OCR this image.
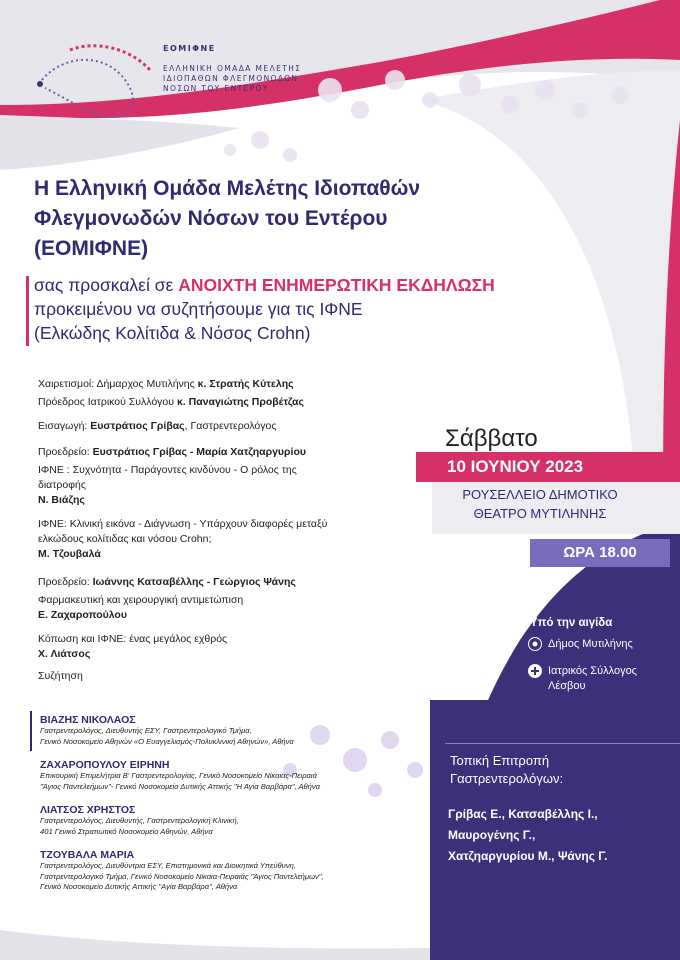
ΕΟΜΙΦΝΕ
ΕΛΛΗΝΙΚΗ ΟΜΑΔΑ ΜΕΛΕΤΗΣ
ΙΔΙΟΠΑΘΩΝ ΦΛΕΓΜΟΝΩΔΩΝ
ΝΟΣΩΝ ΤΟΥ ΕΝΤΕΡΟΥ
Η Ελληνική Ομάδα Μελέτης Ιδιοπαθών
Φλεγμονωδών Νόσων του Εντέρου
(ΕΟΜΙΦΝΕ)
σας προσκαλεί σε ΑΝΟΙΧΤΗ ΕΝΗΜΕΡΩΤΙΚΗ ΕΚΔΗΛΩΣΗ
προκειμένου να συζητήσουμε για τις ΙΦΝΕ
(Ελκώδης Κολίτιδα & Νόσος Crohn)
Χαιρετισμοί: Δήμαρχος Μυτιλήνης κ. Στρατής Κύτελης
Πρόεδρος Ιατρικού Συλλόγου κ. Παναγιώτης Προβέτζας
Εισαγωγή: Ευστράτιος Γρίβας, Γαστρεντερολόγος
Προεδρείο: Ευστράτιος Γρίβας - Μαρία Χατζηαργυρίου
ΙΦΝΕ : Συχνότητα - Παράγοντες κινδύνου - Ο ρόλος της
διατροφής
Ν. Βιάζης
ΙΦΝΕ: Κλινική εικόνα - Διάγνωση - Υπάρχουν διαφορές μεταξύ
ελκώδους κολίτιδας και νόσου Crohn;
Μ. Τζουβαλά
Προεδρείο: Ιωάννης Κατσαβέλλης - Γεώργιος Ψάνης
Φαρμακευτική και χειρουργική αντιμετώπιση
Ε. Ζαχαροπούλου
Κόπωση και ΙΦΝΕ: ένας μεγάλος εχθρός
Χ. Λιάτσος
Συζήτηση
Σάββατο
10 ΙΟΥΝΙΟΥ 2023
ΡΟΥΣΕΛΛΕΙΟ ΔΗΜΟΤΙΚΟ
ΘΕΑΤΡΟ ΜΥΤΙΛΗΝΗΣ
ΩΡΑ 18.00
Υπό την αιγίδα
Δήμος Μυτιλήνης
Ιατρικός Σύλλογος
Λέσβου
ΒΙΑΖΗΣ ΝΙΚΟΛΑΟΣ
Γαστρεντερολόγος, Διευθυντής ΕΣΥ, Γαστρεντερολογικό Τμήμα,
Γενικό Νοσοκομείο Αθηνών «Ο Ευαγγελισμός-Πολυκλινική Αθηνών», Αθήνα
ΖΑΧΑΡΟΠΟΥΛΟΥ ΕΙΡΗΝΗ
Επικουρική Επιμελήτρια Β' Γαστρεντερολογίας, Γενικό Νοσοκομείο Νίκαιας-Πειραιά
"Άγιος Παντελεήμων"- Γενικό Νοσοκομείο Δυτικής Αττικής "Η Αγία Βαρβάρα", Αθήνα
ΛΙΑΤΣΟΣ ΧΡΗΣΤΟΣ
Γαστρεντερολόγος, Διευθυντής, Γαστρεντερολογική Κλινική,
401 Γενικό Στρατιωτικό Νοσοκομείο Αθηνών, Αθήνα
ΤΖΟΥΒΑΛΑ ΜΑΡΙΑ
Γαστρεντερολόγος, Διευθύντρια ΕΣΥ, Επιστημονικά και Διοικητικά Υπεύθυνη,
Γαστρεντερολογικό Τμήμα, Γενικό Νοσοκομείο Νίκαια-Πειραιάς "Άγιος Παντελεήμων",
Γενικό Νοσοκομείο Δυτικής Αττικής "Αγία Βαρβάρα", Αθήνα
Τοπική Επιτροπή
Γαστρεντερολόγων:
Γρίβας Ε., Κατσαβέλλης Ι.,
Μαυρογένης Γ.,
Χατζηαργυρίου Μ., Ψάνης Γ.
